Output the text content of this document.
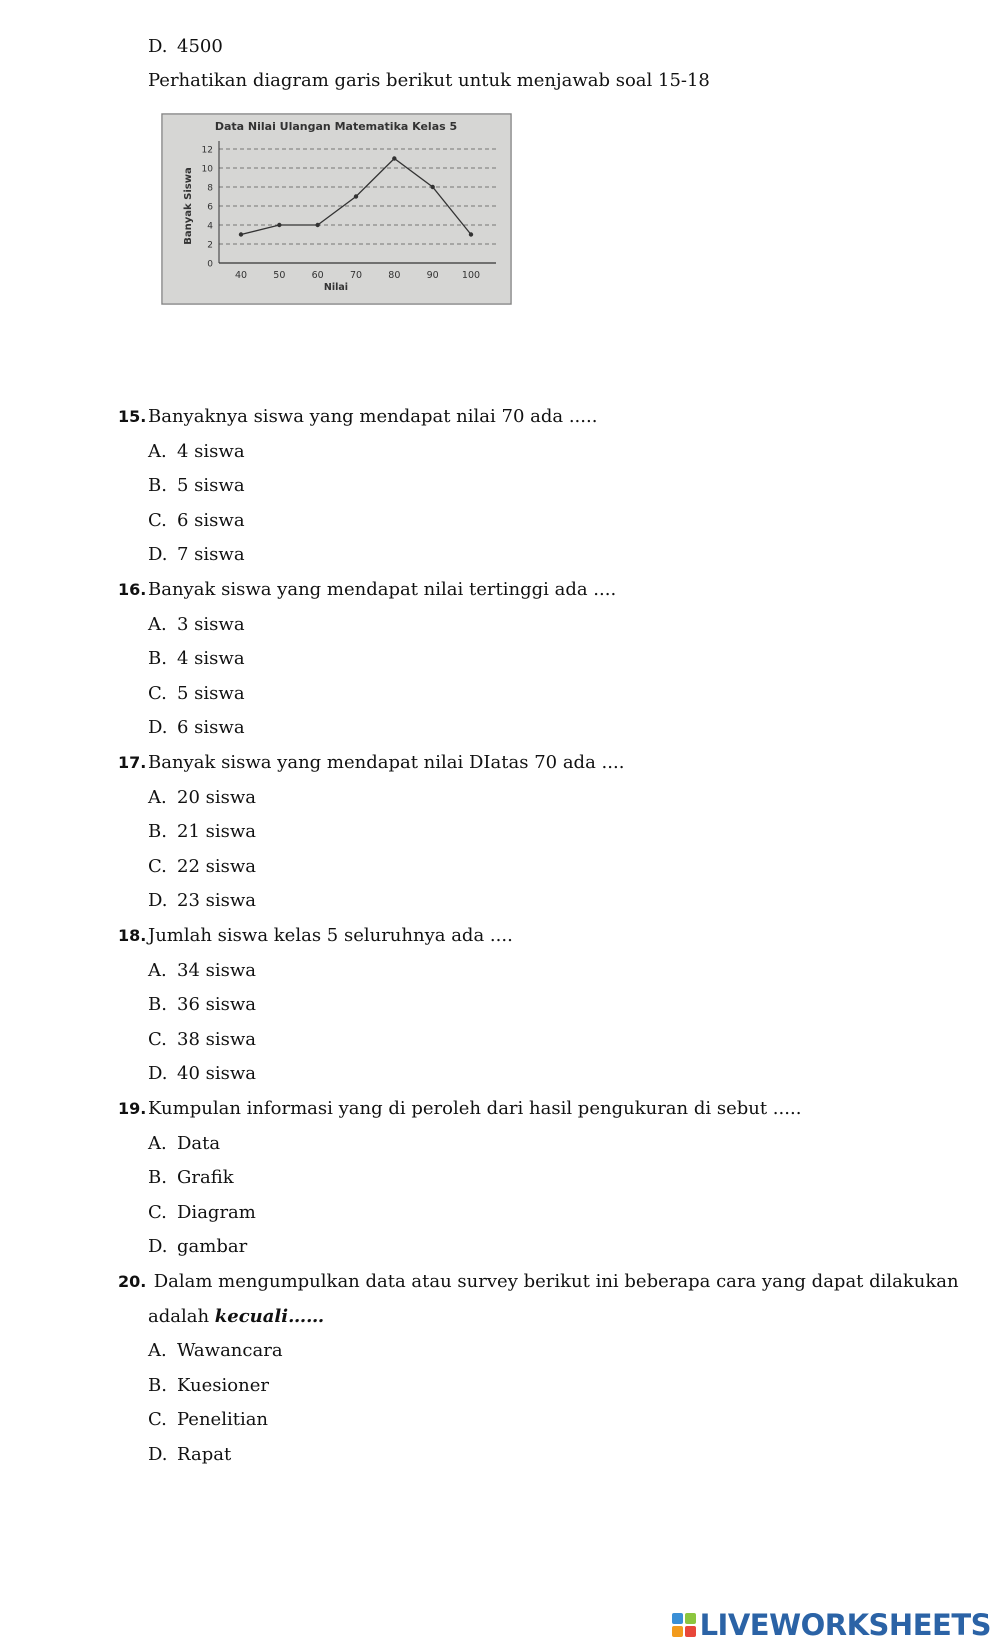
D. 4500
Perhatikan diagram garis berikut untuk menjawab soal 15-18
Data Nilai Ulangan Matematika Kelas 5
Banyak Siswa
0
2
4
6
8
10
12
40	50	60	70	80	90 100
Nilai
15.Banyaknya siswa yang mendapat nilai 70 ada .....
A. 4 siswa
B. 5 siswa
C. 6 siswa
D. 7 siswa
16.Banyak siswa yang mendapat nilai tertinggi ada ....
A. 3 siswa
B. 4 siswa
C. 5 siswa
D. 6 siswa
17.Banyak siswa yang mendapat nilai DIatas 70 ada ....
A. 20 siswa
B. 21 siswa
C. 22 siswa
D. 23 siswa
18.Jumlah siswa kelas 5 seluruhnya ada ....
A. 34 siswa
B. 36 siswa
C. 38 siswa
D. 40 siswa
19.Kumpulan informasi yang di peroleh dari hasil pengukuran di sebut .....
A. Data
B. Grafik
C. Diagram
D. gambar
20. Dalam mengumpulkan data atau survey berikut ini beberapa cara yang dapat dilakukan
adalah kecuali……
A. Wawancara
B. Kuesioner
C. Penelitian
D. Rapat
LIVEWORKSHEETS
